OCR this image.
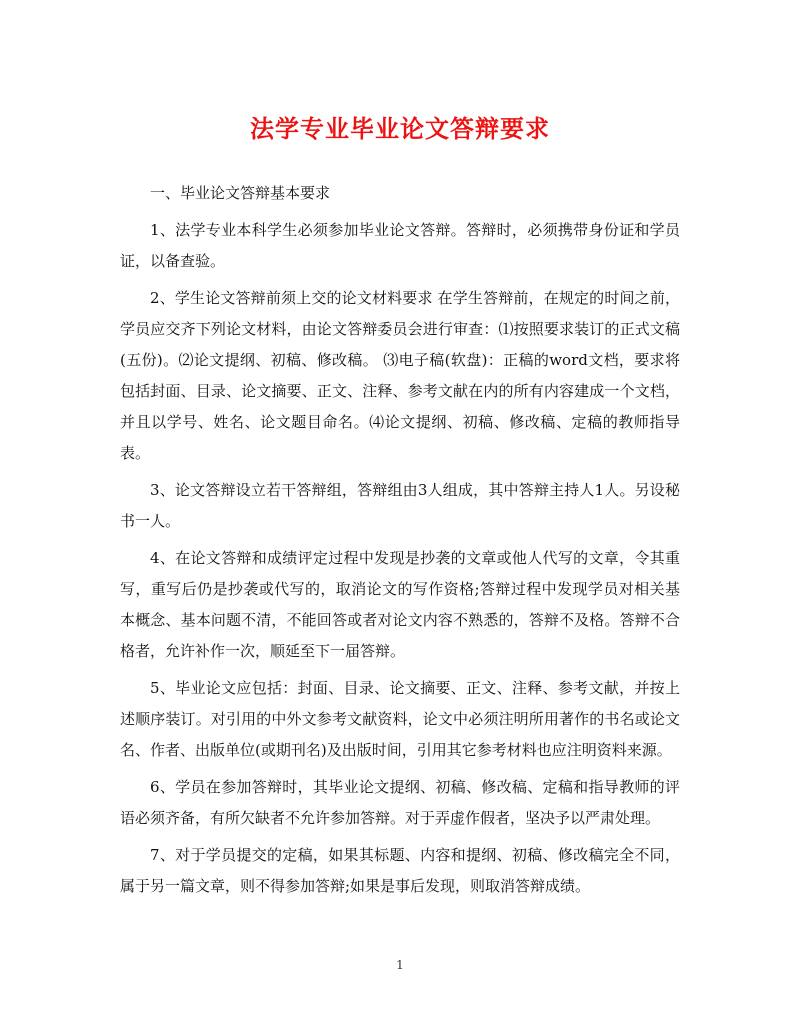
法学专业毕业论文答辩要求

一、毕业论文答辩基本要求

1、法学专业本科学生必须参加毕业论文答辩。答辩时，必须携带身份证和学员证，以备查验。

2、学生论文答辩前须上交的论文材料要求 在学生答辩前，在规定的时间之前，学员应交齐下列论文材料，由论文答辩委员会进行审查：⑴按照要求装订的正式文稿(五份)。⑵论文提纲、初稿、修改稿。 ⑶电子稿(软盘)：正稿的word文档，要求将包括封面、目录、论文摘要、正文、注释、参考文献在内的所有内容建成一个文档，并且以学号、姓名、论文题目命名。⑷论文提纲、初稿、修改稿、定稿的教师指导表。

3、论文答辩设立若干答辩组，答辩组由3人组成，其中答辩主持人1人。另设秘书一人。

4、在论文答辩和成绩评定过程中发现是抄袭的文章或他人代写的文章，令其重写，重写后仍是抄袭或代写的，取消论文的写作资格;答辩过程中发现学员对相关基本概念、基本问题不清，不能回答或者对论文内容不熟悉的，答辩不及格。答辩不合格者，允许补作一次，顺延至下一届答辩。

5、毕业论文应包括：封面、目录、论文摘要、正文、注释、参考文献，并按上述顺序装订。对引用的中外文参考文献资料，论文中必须注明所用著作的书名或论文名、作者、出版单位(或期刊名)及出版时间，引用其它参考材料也应注明资料来源。

6、学员在参加答辩时，其毕业论文提纲、初稿、修改稿、定稿和指导教师的评语必须齐备，有所欠缺者不允许参加答辩。对于弄虚作假者，坚决予以严肃处理。

7、对于学员提交的定稿，如果其标题、内容和提纲、初稿、修改稿完全不同，属于另一篇文章，则不得参加答辩;如果是事后发现，则取消答辩成绩。

1
